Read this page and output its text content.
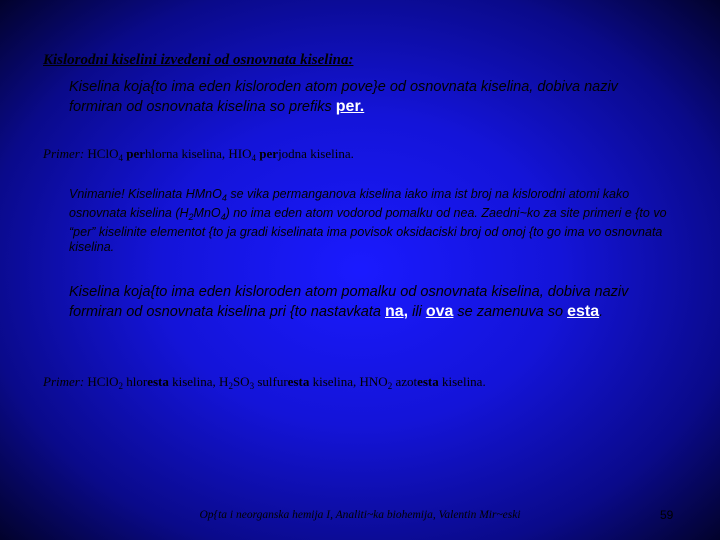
Kislorodni kiselini izvedeni od osnovnata kiselina:

Kiselina koja{to ima eden kisloroden atom pove}e od osnovnata kiselina, dobiva naziv formiran od osnovnata kiselina so prefiks per.

Primer: HClO$_4$ perhlorna kiselina, $HIO_4$ perjodna kiselina.

Vnimanie! Kiselinata HMnO$_4$ se vika permanganova kiselina iako ima ist broj na kislorodni atomi kako osnovnata kiselina $(H_2MnO_4)$ no ima eden atom vodorod pomalku od nea. Zaedni~ko za site primeri e {to vo “per” kiselinite elementot {to ja gradi kiselinata ima povisok oksidaciski broj od onoj {to go ima vo osnovnata kiselina.

Kiselina koja{to ima eden kisloroden atom pomalku od osnovnata kiselina, dobiva naziv formiran od osnovnata kiselina pri {to nastavkata na, ili ova se zamenuva so esta.

Primer: HClO$_2$ hloresta kiselina, $H_2SO_3$ sulfuresta kiselina, $HNO_2$ azotesta kiselina.

Op{ta i neorganska hemija I, Analiti~ka biohemija, Valentin Mir~eski	59
